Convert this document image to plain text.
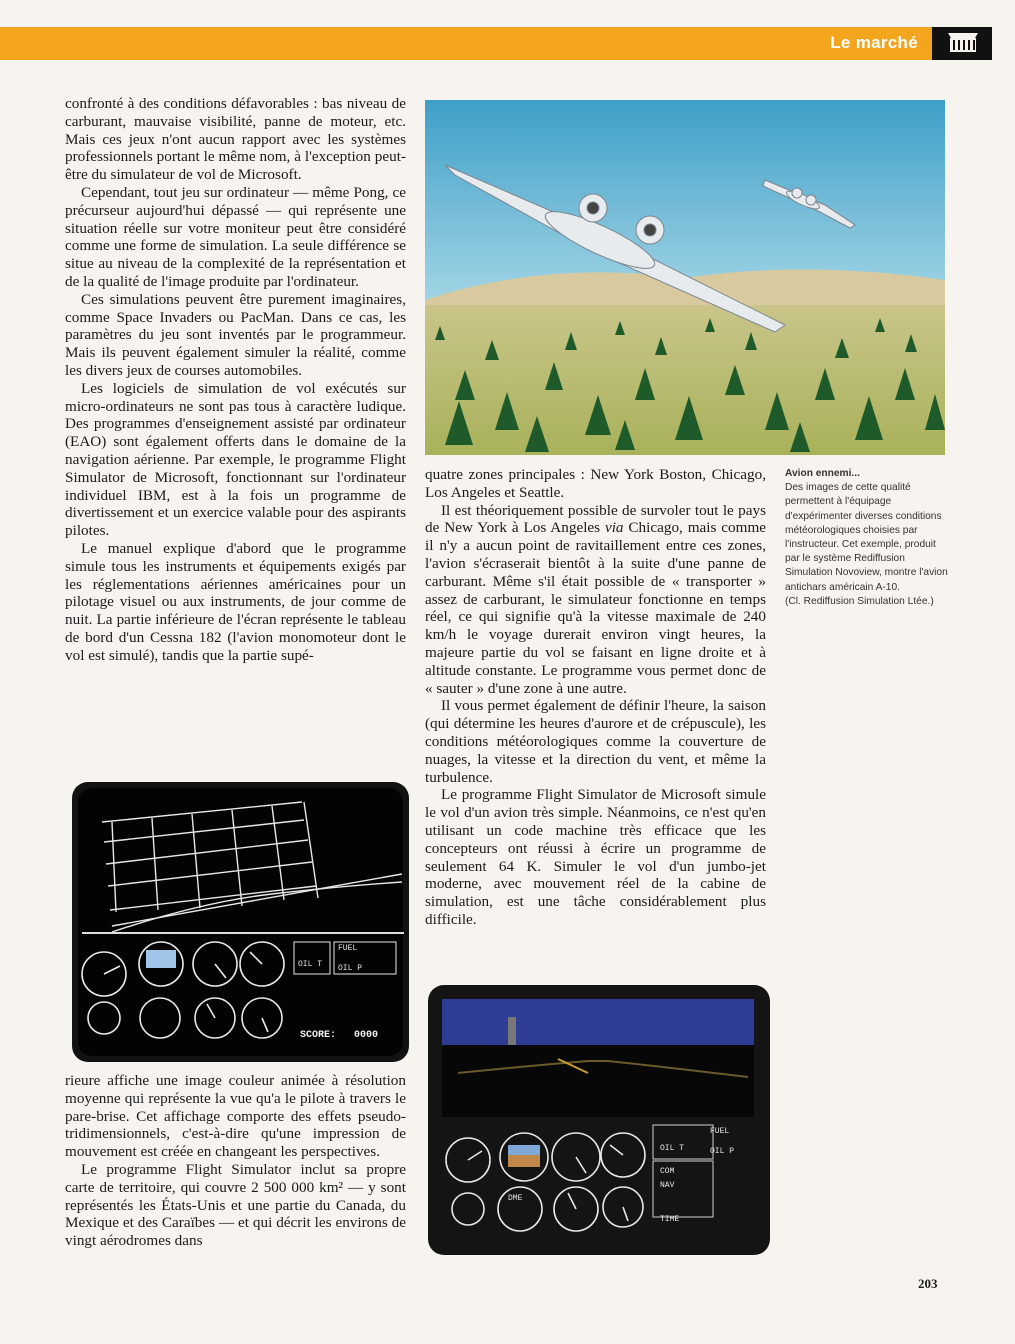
Le marché

confronté à des conditions défavorables : bas niveau de carburant, mauvaise visibilité, panne de moteur, etc. Mais ces jeux n'ont aucun rapport avec les systèmes professionnels portant le même nom, à l'exception peut-être du simulateur de vol de Microsoft.

Cependant, tout jeu sur ordinateur — même Pong, ce précurseur aujourd'hui dépassé — qui représente une situation réelle sur votre moniteur peut être considéré comme une forme de simulation. La seule différence se situe au niveau de la complexité de la représentation et de la qualité de l'image produite par l'ordinateur.

Ces simulations peuvent être purement imaginaires, comme Space Invaders ou PacMan. Dans ce cas, les paramètres du jeu sont inventés par le programmeur. Mais ils peuvent également simuler la réalité, comme les divers jeux de courses automobiles.

Les logiciels de simulation de vol exécutés sur micro-ordinateurs ne sont pas tous à caractère ludique. Des programmes d'enseignement assisté par ordinateur (EAO) sont également offerts dans le domaine de la navigation aérienne. Par exemple, le programme Flight Simulator de Microsoft, fonctionnant sur l'ordinateur individuel IBM, est à la fois un programme de divertissement et un exercice valable pour des aspirants pilotes.

Le manuel explique d'abord que le programme simule tous les instruments et équipements exigés par les réglementations aériennes américaines pour un pilotage visuel ou aux instruments, de jour comme de nuit. La partie inférieure de l'écran représente le tableau de bord d'un Cessna 182 (l'avion monomoteur dont le vol est simulé), tandis que la partie supé-

Avion ennemi...
Des images de cette qualité permettent à l'équipage d'expérimenter diverses conditions météorologiques choisies par l'instructeur. Cet exemple, produit par le système Rediffusion Simulation Novoview, montre l'avion antichars américain A-10.
(Cl. Rediffusion Simulation Ltée.)

quatre zones principales : New York Boston, Chicago, Los Angeles et Seattle.

Il est théoriquement possible de survoler tout le pays de New York à Los Angeles via Chicago, mais comme il n'y a aucun point de ravitaillement entre ces zones, l'avion s'écraserait bientôt à la suite d'une panne de carburant. Même s'il était possible de « transporter » assez de carburant, le simulateur fonctionne en temps réel, ce qui signifie qu'à la vitesse maximale de 240 km/h le voyage durerait environ vingt heures, la majeure partie du vol se faisant en ligne droite et à altitude constante. Le programme vous permet donc de « sauter » d'une zone à une autre.

Il vous permet également de définir l'heure, la saison (qui détermine les heures d'aurore et de crépuscule), les conditions météorologiques comme la couverture de nuages, la vitesse et la direction du vent, et même la turbulence.

Le programme Flight Simulator de Microsoft simule le vol d'un avion très simple. Néanmoins, ce n'est qu'en utilisant un code machine très efficace que les concepteurs ont réussi à écrire un programme de seulement 64 K. Simuler le vol d'un jumbo-jet moderne, avec mouvement réel de la cabine de simulation, est une tâche considérablement plus difficile.

FUEL
OIL T OIL P
SCORE: 0000
FUEL
OIL T	OIL P
COM
NAV
TIME
DME

rieure affiche une image couleur animée à résolution moyenne qui représente la vue qu'a le pilote à travers le pare-brise. Cet affichage comporte des effets pseudo-tridimensionnels, c'est-à-dire qu'une impression de mouvement est créée en changeant les perspectives.

Le programme Flight Simulator inclut sa propre carte de territoire, qui couvre 2 500 000 km² — y sont représentés les États-Unis et une partie du Canada, du Mexique et des Caraïbes — et qui décrit les environs de vingt aérodromes dans

203
